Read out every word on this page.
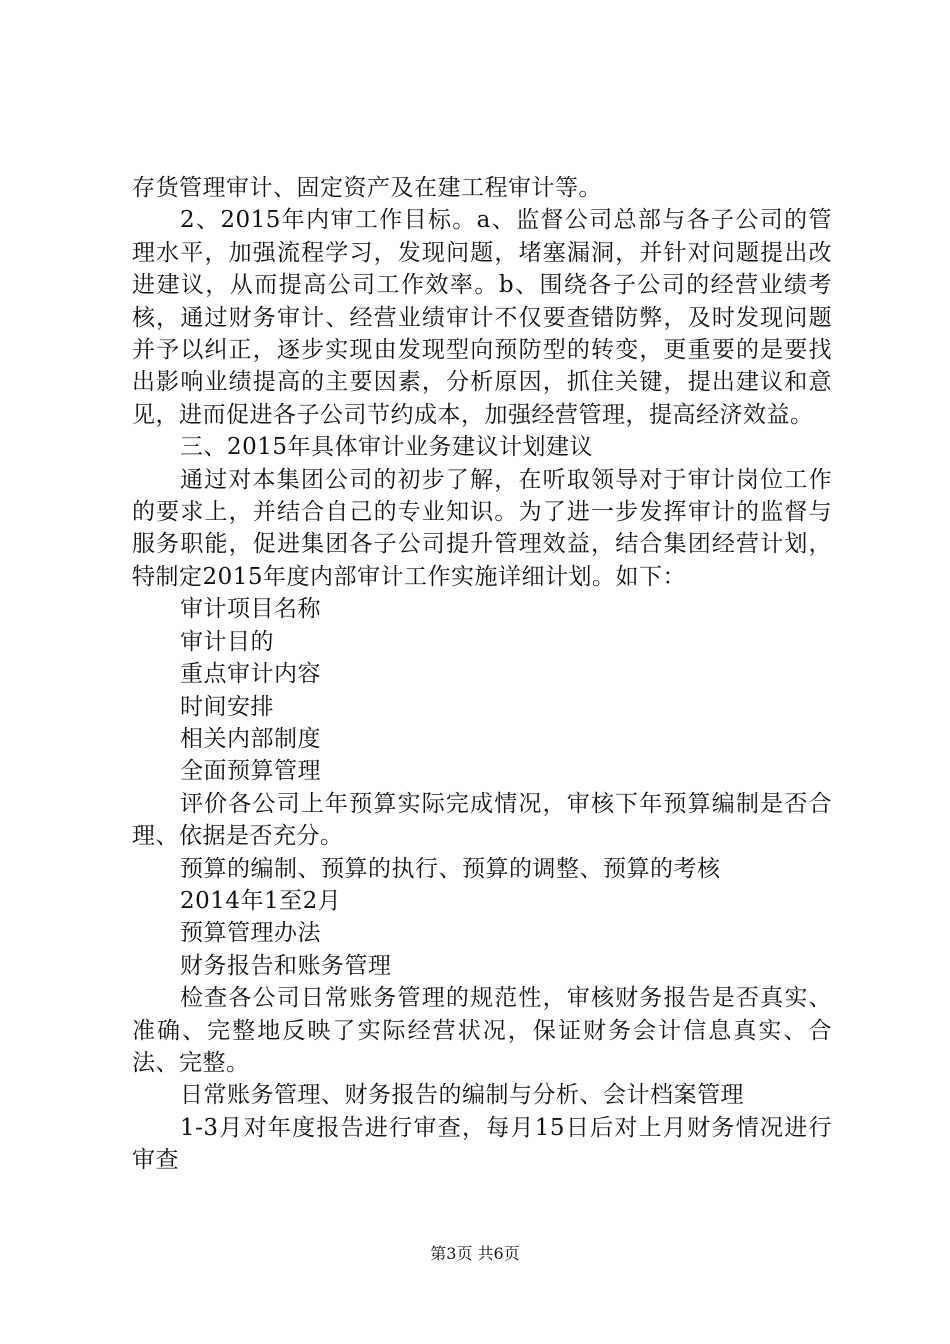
存货管理审计、固定资产及在建工程审计等。

2、2015年内审工作目标。a、监督公司总部与各子公司的管理水平，加强流程学习，发现问题，堵塞漏洞，并针对问题提出改进建议，从而提高公司工作效率。b、围绕各子公司的经营业绩考核，通过财务审计、经营业绩审计不仅要查错防弊，及时发现问题并予以纠正，逐步实现由发现型向预防型的转变，更重要的是要找出影响业绩提高的主要因素，分析原因，抓住关键，提出建议和意见，进而促进各子公司节约成本，加强经营管理，提高经济效益。

三、2015年具体审计业务建议计划建议

通过对本集团公司的初步了解，在听取领导对于审计岗位工作的要求上，并结合自己的专业知识。为了进一步发挥审计的监督与服务职能，促进集团各子公司提升管理效益，结合集团经营计划，特制定2015年度内部审计工作实施详细计划。如下：

审计项目名称

审计目的

重点审计内容

时间安排

相关内部制度

全面预算管理

评价各公司上年预算实际完成情况，审核下年预算编制是否合理、依据是否充分。

预算的编制、预算的执行、预算的调整、预算的考核

2014年1至2月

预算管理办法

财务报告和账务管理

检查各公司日常账务管理的规范性，审核财务报告是否真实、准确、完整地反映了实际经营状况，保证财务会计信息真实、合法、完整。

日常账务管理、财务报告的编制与分析、会计档案管理

1-3月对年度报告进行审查，每月15日后对上月财务情况进行审查

第3页 共6页
